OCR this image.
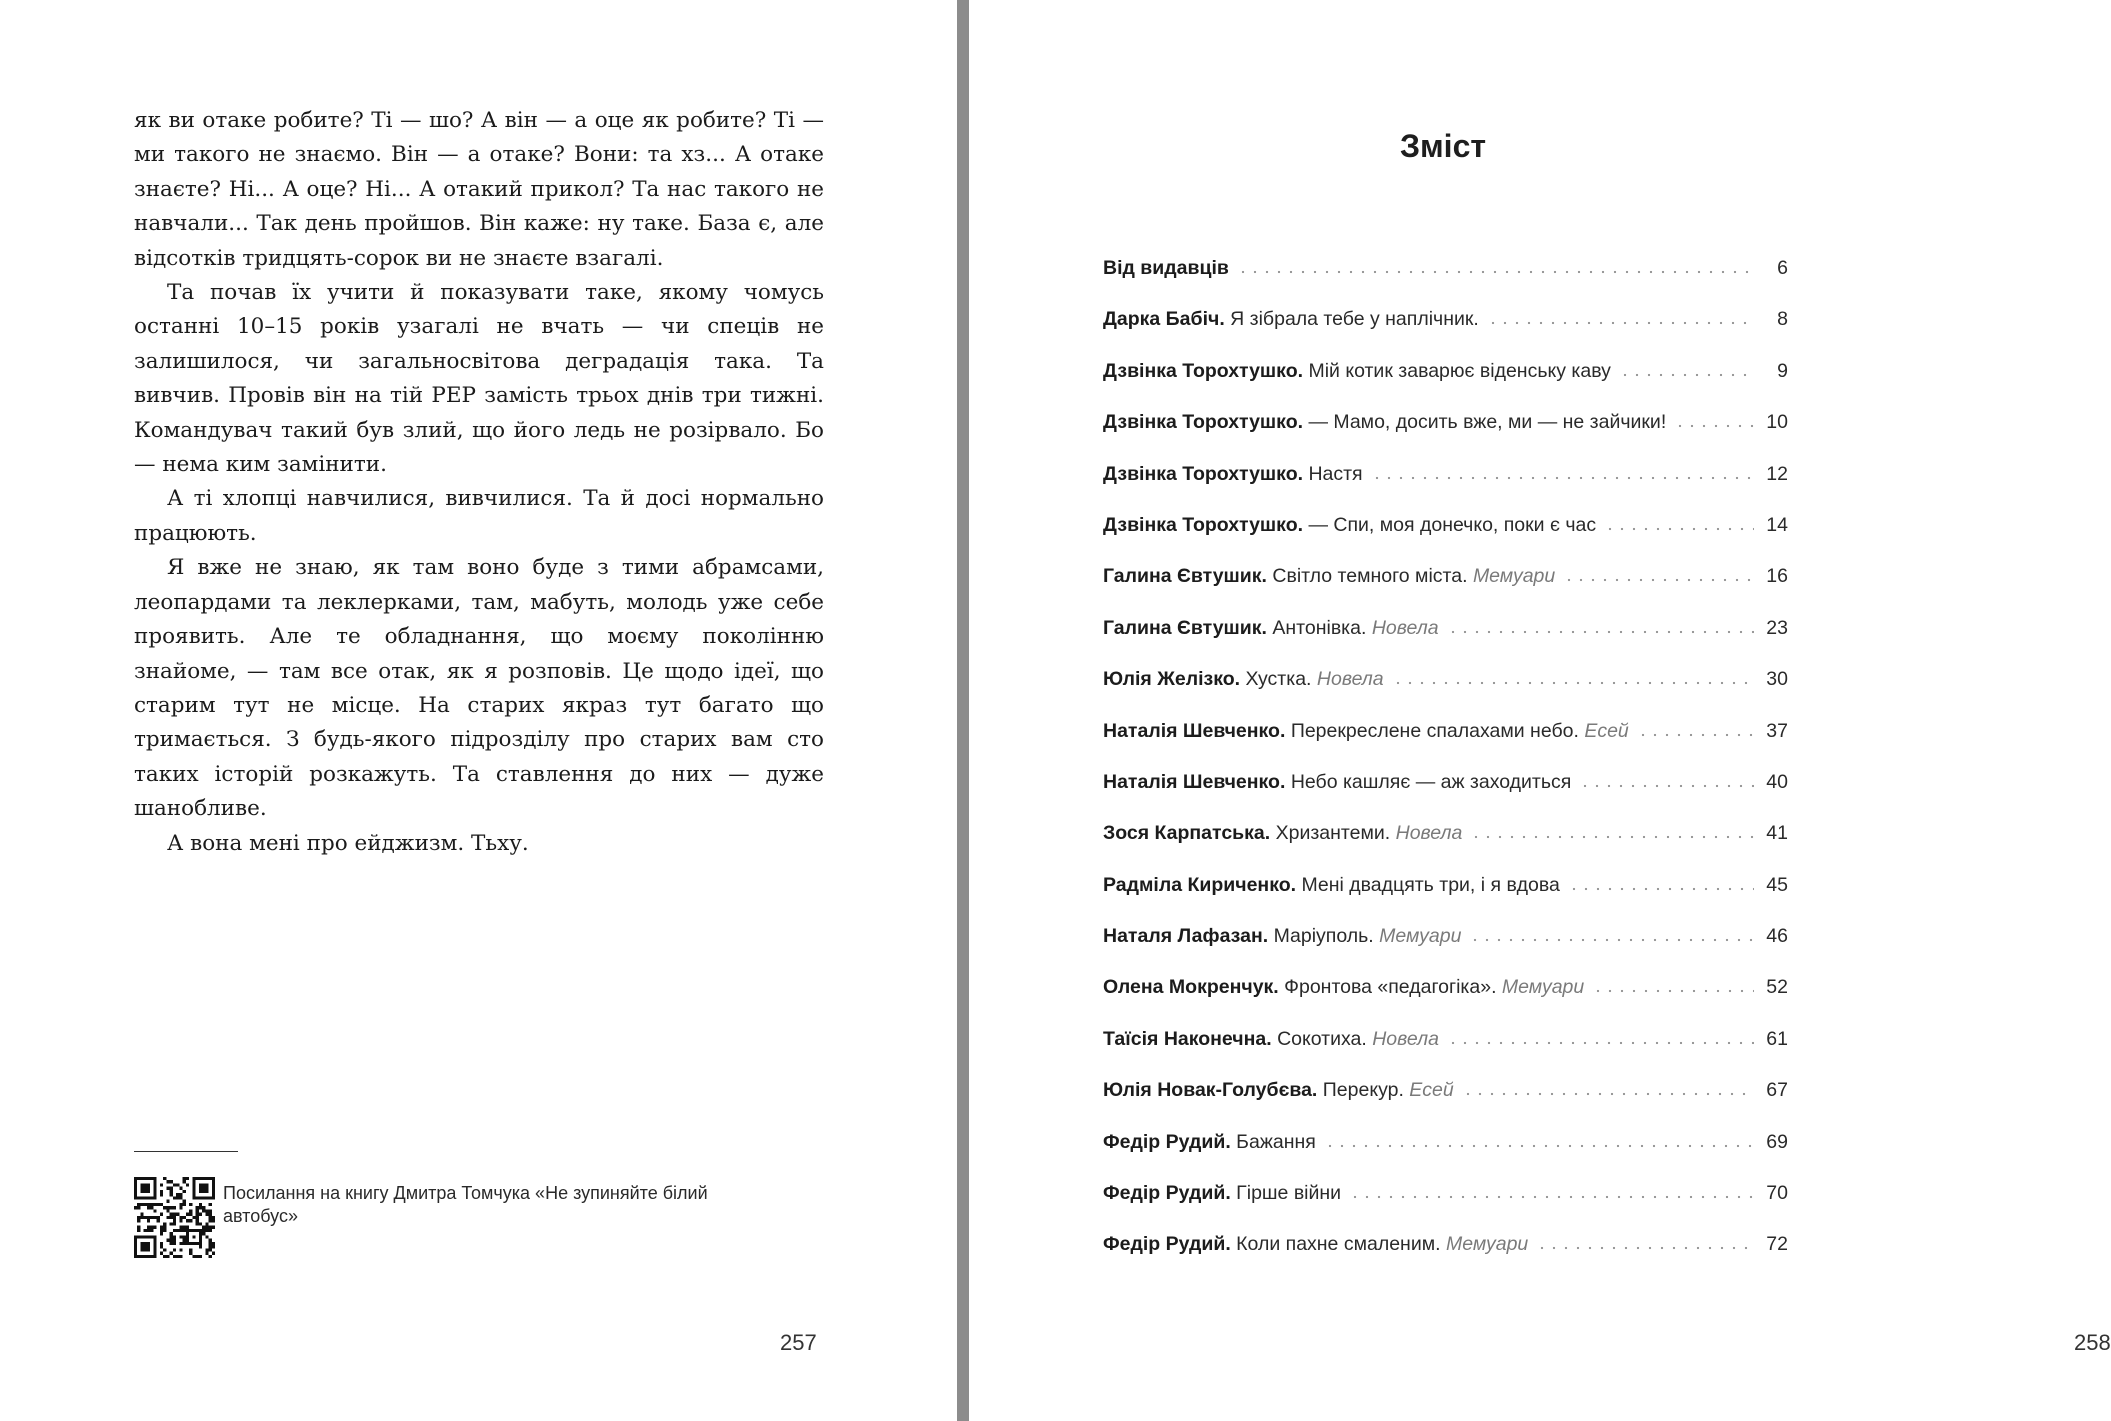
як ви отаке робите? Ті — шо? А він — а оце як робите? Ті — ми такого не знаємо. Він — а отаке? Вони: та хз... А отаке знаєте? Ні... А оце? Ні... А отакий прикол? Та нас такого не навчали... Так день пройшов. Він каже: ну таке. База є, але відсотків тридцять-сорок ви не знаєте взагалі.

Та почав їх учити й показувати таке, якому чомусь останні 10–15 років узагалі не вчать — чи спеців не залишилося, чи загальносвітова деградація така. Та вивчив. Провів він на тій РЕР замість трьох днів три тижні. Командувач такий був злий, що його ледь не розірвало. Бо — нема ким замінити.

А ті хлопці навчилися, вивчилися. Та й досі нормально працюють.

Я вже не знаю, як там воно буде з тими абрамсами, леопардами та леклерками, там, мабуть, молодь уже себе проявить. Але те обладнання, що моєму поколінню знайоме, — там все отак, як я розповів. Це щодо ідеї, що старим тут не місце. На старих якраз тут багато що тримається. З будь-якого підрозділу про старих вам сто таких історій розкажуть. Та ставлення до них — дуже шанобливе.

А вона мені про ейджизм. Тьху.

Посилання на книгу Дмитра Томчука «Не зупиняйте білий автобус»

257	258
Зміст
Від видавців	6
Дарка Бабіч. Я зібрала тебе у наплічник.	8
Дзвінка Торохтушко. Мій котик заварює віденську каву	9
Дзвінка Торохтушко. — Мамо, досить вже, ми — не зайчики!	10
Дзвінка Торохтушко. Настя	12
Дзвінка Торохтушко. — Спи, моя донечко, поки є час	14
Галина Євтушик. Світло темного міста. Мемуари	16
Галина Євтушик. Антонівка. Новела	23
Юлія Желізко. Хустка. Новела	30
Наталія Шевченко. Перекреслене спалахами небо. Есей	37
Наталія Шевченко. Небо кашляє — аж заходиться	40
Зося Карпатська. Хризантеми. Новела	41
Радміла Кириченко. Мені двадцять три, і я вдова	45
Наталя Лафазан. Маріуполь. Мемуари	46
Олена Мокренчук. Фронтова «педагогіка». Мемуари	52
Таїсія Наконечна. Сокотиха. Новела	61
Юлія Новак-Голубєва. Перекур. Есей	67
Федір Рудий. Бажання	69
Федір Рудий. Гірше війни	70
Федір Рудий. Коли пахне смаленим. Мемуари	72
